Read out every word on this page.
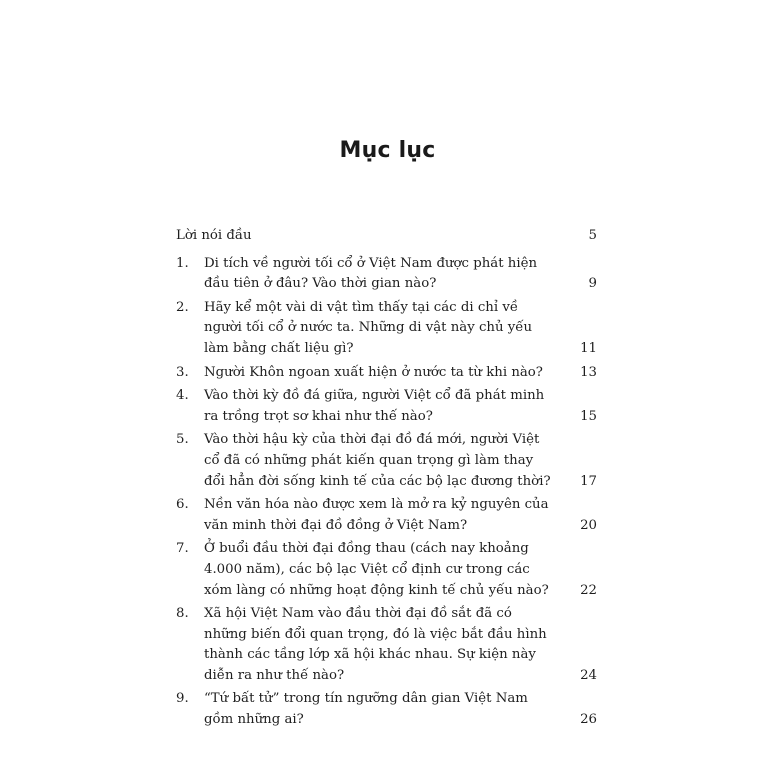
Mục lục
Lời nói đầu	5
1.	Di tích về người tối cổ ở Việt Nam được phát hiện đầu tiên ở đâu? Vào thời gian nào?	9
2.	Hãy kể một vài di vật tìm thấy tại các di chỉ về người tối cổ ở nước ta. Những di vật này chủ yếu làm bằng chất liệu gì?	11
3.	Người Khôn ngoan xuất hiện ở nước ta từ khi nào?	13
4.	Vào thời kỳ đồ đá giữa, người Việt cổ đã phát minh ra trồng trọt sơ khai như thế nào?	15
5.	Vào thời hậu kỳ của thời đại đồ đá mới, người Việt cổ đã có những phát kiến quan trọng gì làm thay đổi hẳn đời sống kinh tế của các bộ lạc đương thời?	17
6.	Nền văn hóa nào được xem là mở ra kỷ nguyên của văn minh thời đại đồ đồng ở Việt Nam?	20
7.	Ở buổi đầu thời đại đồng thau (cách nay khoảng 4.000 năm), các bộ lạc Việt cổ định cư trong các xóm làng có những hoạt động kinh tế chủ yếu nào?	22
8.	Xã hội Việt Nam vào đầu thời đại đồ sắt đã có những biến đổi quan trọng, đó là việc bắt đầu hình thành các tầng lớp xã hội khác nhau. Sự kiện này diễn ra như thế nào?	24
9.	“Tứ bất tử” trong tín ngưỡng dân gian Việt Nam gồm những ai?	26
